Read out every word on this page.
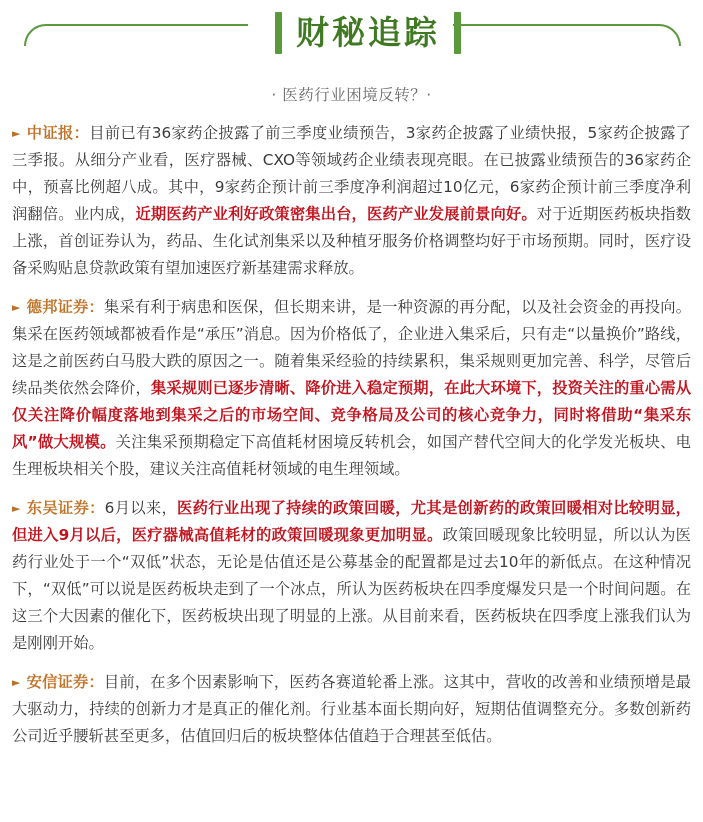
财秘追踪
· 医药行业困境反转？·

► 中证报：目前已有36家药企披露了前三季度业绩预告，3家药企披露了业绩快报，5家药企披露了三季报。从细分产业看，医疗器械、CXO等领域药企业绩表现亮眼。在已披露业绩预告的36家药企中，预喜比例超八成。其中，9家药企预计前三季度净利润超过10亿元，6家药企预计前三季度净利润翻倍。业内成，近期医药产业利好政策密集出台，医药产业发展前景向好。对于近期医药板块指数上涨，首创证券认为，药品、生化试剂集采以及种植牙服务价格调整均好于市场预期。同时，医疗设备采购贴息贷款政策有望加速医疗新基建需求释放。

► 德邦证券：集采有利于病患和医保，但长期来讲，是一种资源的再分配，以及社会资金的再投向。集采在医药领域都被看作是“承压”消息。因为价格低了，企业进入集采后，只有走“以量换价”路线，这是之前医药白马股大跌的原因之一。随着集采经验的持续累积，集采规则更加完善、科学，尽管后续品类依然会降价，集采规则已逐步清晰、降价进入稳定预期，在此大环境下，投资关注的重心需从仅关注降价幅度落地到集采之后的市场空间、竞争格局及公司的核心竞争力，同时将借助“集采东风”做大规模。关注集采预期稳定下高值耗材困境反转机会，如国产替代空间大的化学发光板块、电生理板块相关个股，建议关注高值耗材领域的电生理领域。

► 东吴证券：6月以来，医药行业出现了持续的政策回暖，尤其是创新药的政策回暖相对比较明显，但进入9月以后，医疗器械高值耗材的政策回暖现象更加明显。政策回暖现象比较明显，所以认为医药行业处于一个“双低”状态，无论是估值还是公募基金的配置都是过去10年的新低点。在这种情况下，“双低”可以说是医药板块走到了一个冰点，所认为医药板块在四季度爆发只是一个时间问题。在这三个大因素的催化下，医药板块出现了明显的上涨。从目前来看，医药板块在四季度上涨我们认为是刚刚开始。

► 安信证券：目前，在多个因素影响下，医药各赛道轮番上涨。这其中，营收的改善和业绩预增是最大驱动力，持续的创新力才是真正的催化剂。行业基本面长期向好，短期估值调整充分。多数创新药公司近乎腰斩甚至更多，估值回归后的板块整体估值趋于合理甚至低估。
